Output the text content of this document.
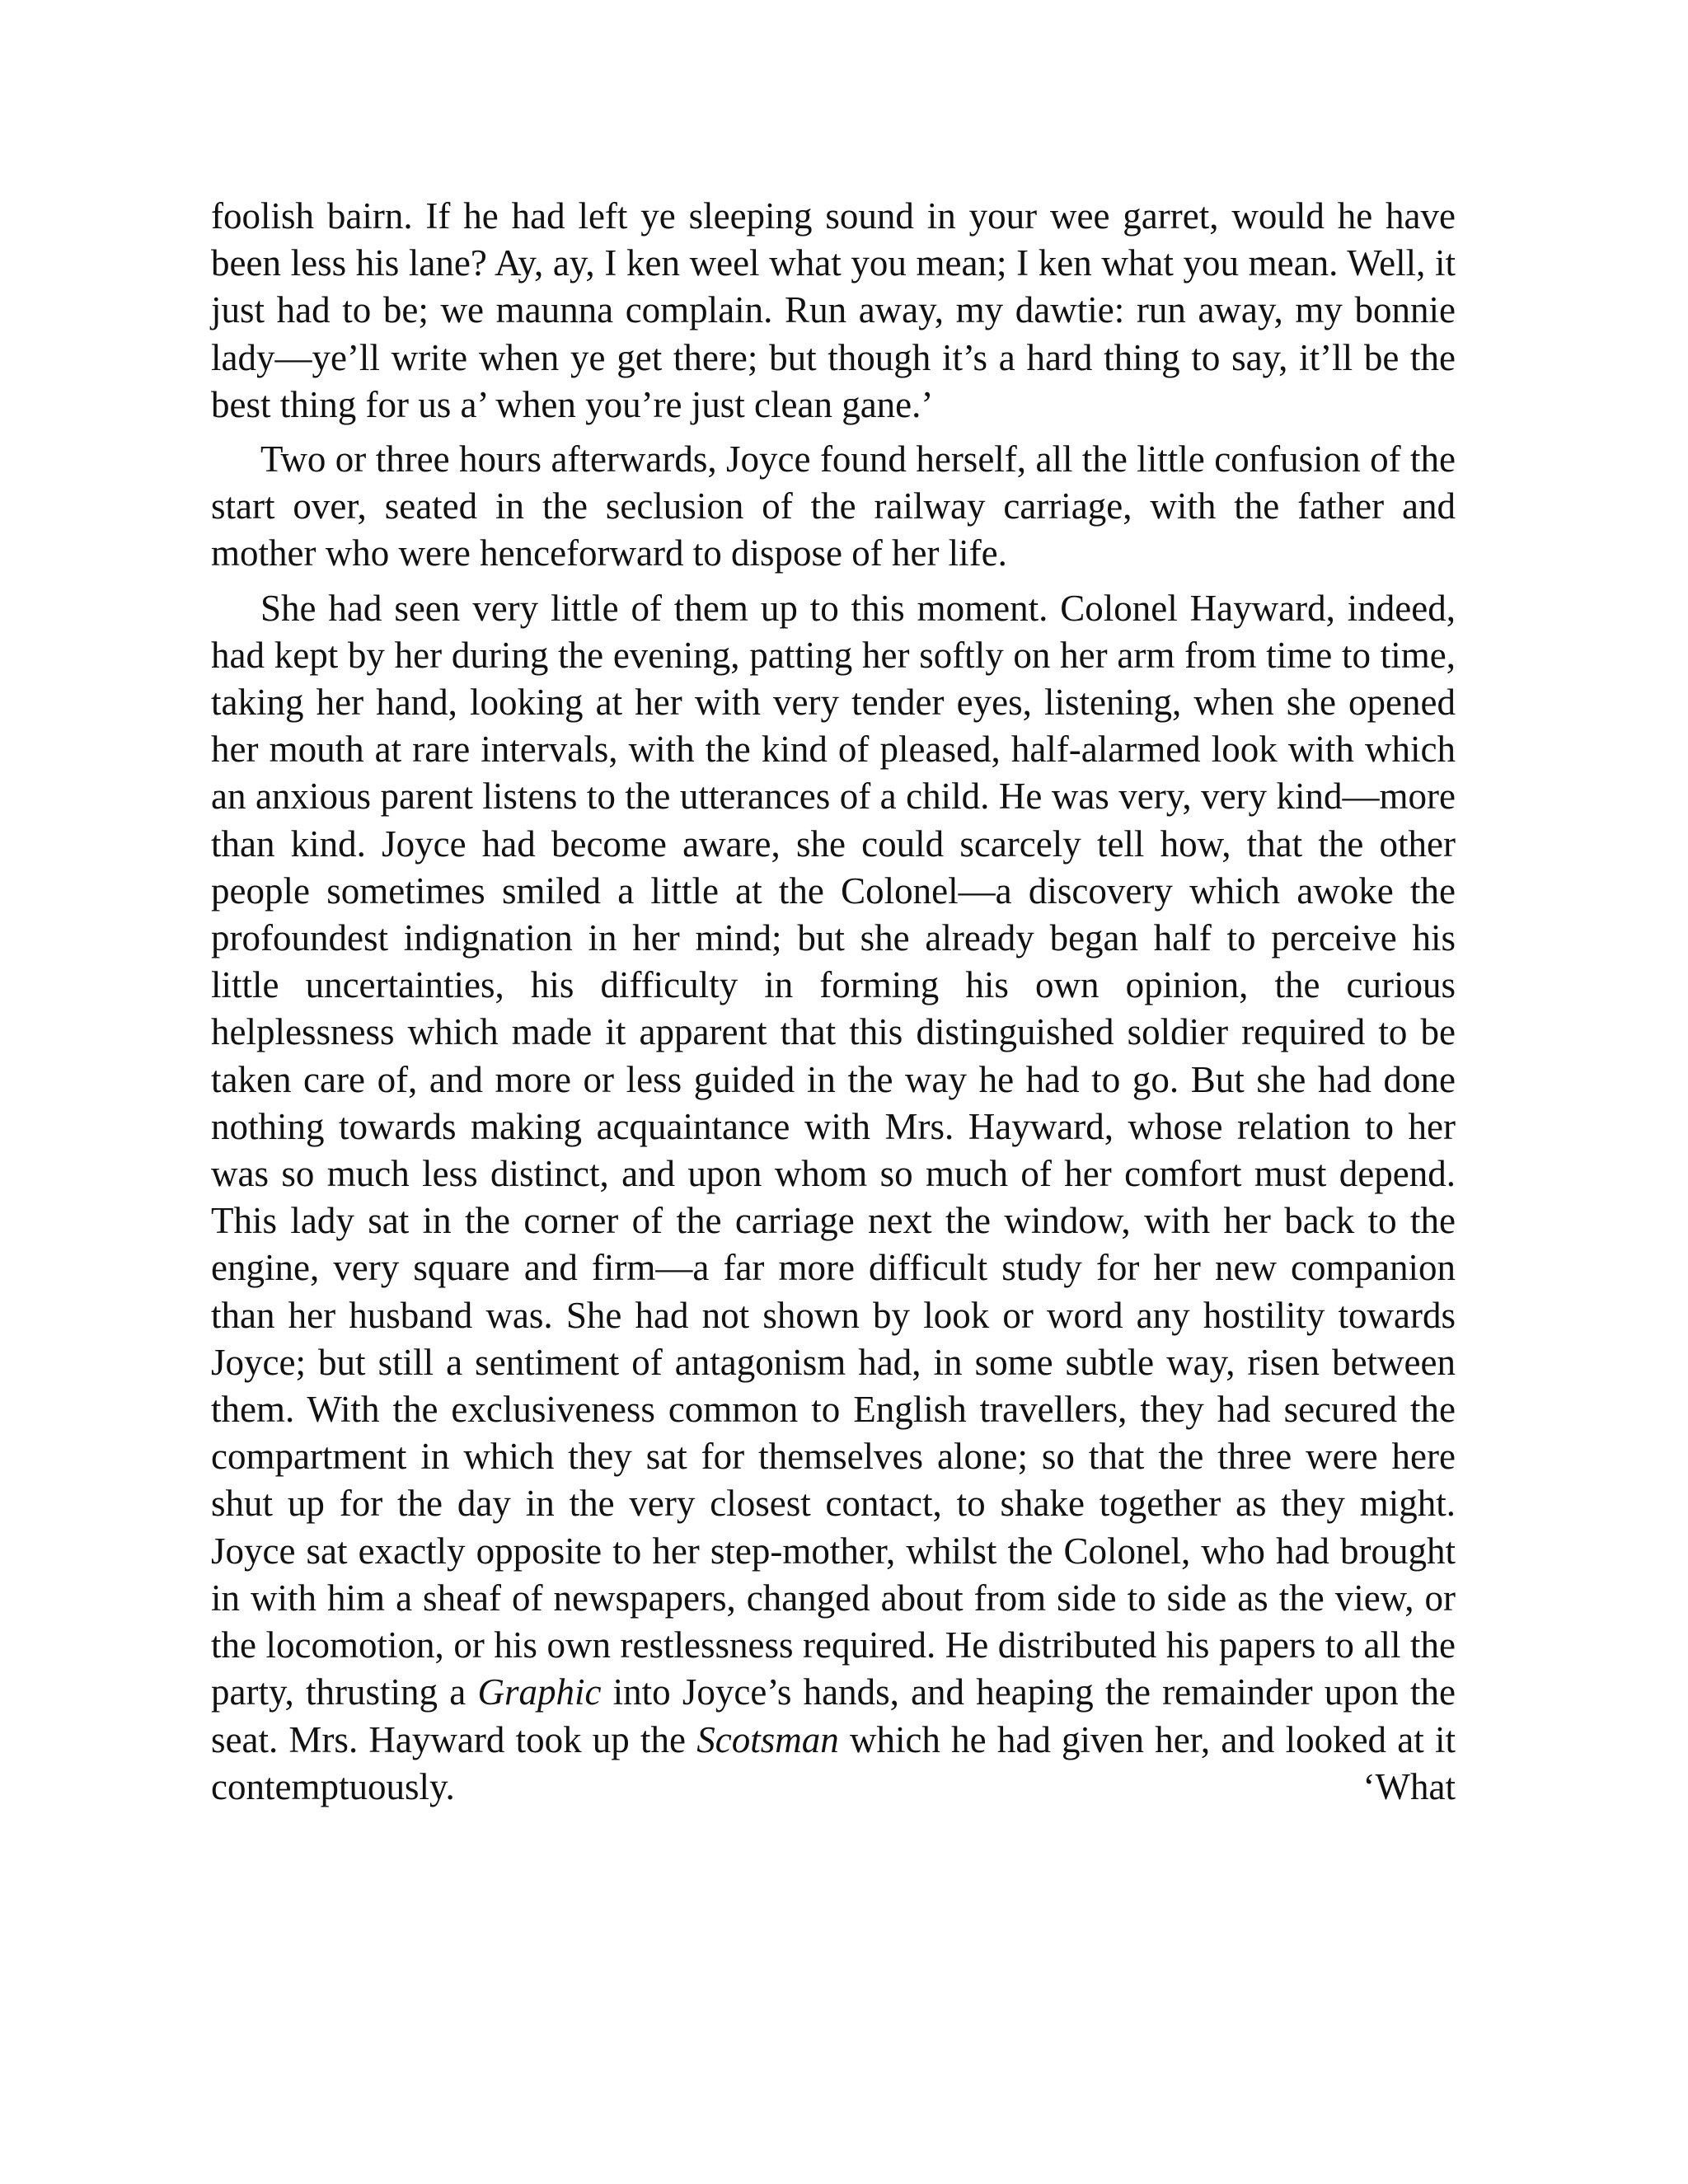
foolish bairn. If he had left ye sleeping sound in your wee garret, would he have been less his lane? Ay, ay, I ken weel what you mean; I ken what you mean. Well, it just had to be; we maunna complain. Run away, my dawtie: run away, my bonnie lady—ye’ll write when ye get there; but though it’s a hard thing to say, it’ll be the best thing for us a’ when you’re just clean gane.’

Two or three hours afterwards, Joyce found herself, all the little confusion of the start over, seated in the seclusion of the railway carriage, with the father and mother who were henceforward to dispose of her life.

She had seen very little of them up to this moment. Colonel Hayward, indeed, had kept by her during the evening, patting her softly on her arm from time to time, taking her hand, looking at her with very tender eyes, listening, when she opened her mouth at rare intervals, with the kind of pleased, half-alarmed look with which an anxious parent listens to the utterances of a child. He was very, very kind—more than kind. Joyce had become aware, she could scarcely tell how, that the other people sometimes smiled a little at the Colonel—a discovery which awoke the profoundest indignation in her mind; but she already began half to perceive his little uncertainties, his difficulty in forming his own opinion, the curious helplessness which made it apparent that this distinguished soldier required to be taken care of, and more or less guided in the way he had to go. But she had done nothing towards making acquaintance with Mrs. Hayward, whose relation to her was so much less distinct, and upon whom so much of her comfort must depend. This lady sat in the corner of the carriage next the window, with her back to the engine, very square and firm—a far more difficult study for her new companion than her husband was. She had not shown by look or word any hostility towards Joyce; but still a sentiment of antagonism had, in some subtle way, risen between them. With the exclusiveness common to English travellers, they had secured the compartment in which they sat for themselves alone; so that the three were here shut up for the day in the very closest contact, to shake together as they might. Joyce sat exactly opposite to her step-mother, whilst the Colonel, who had brought in with him a sheaf of newspapers, changed about from side to side as the view, or the locomotion, or his own restlessness required. He distributed his papers to all the party, thrusting a Graphic into Joyce’s hands, and heaping the remainder upon the seat. Mrs. Hayward took up the Scotsman which he had given her, and looked at it contemptuously. ‘What
